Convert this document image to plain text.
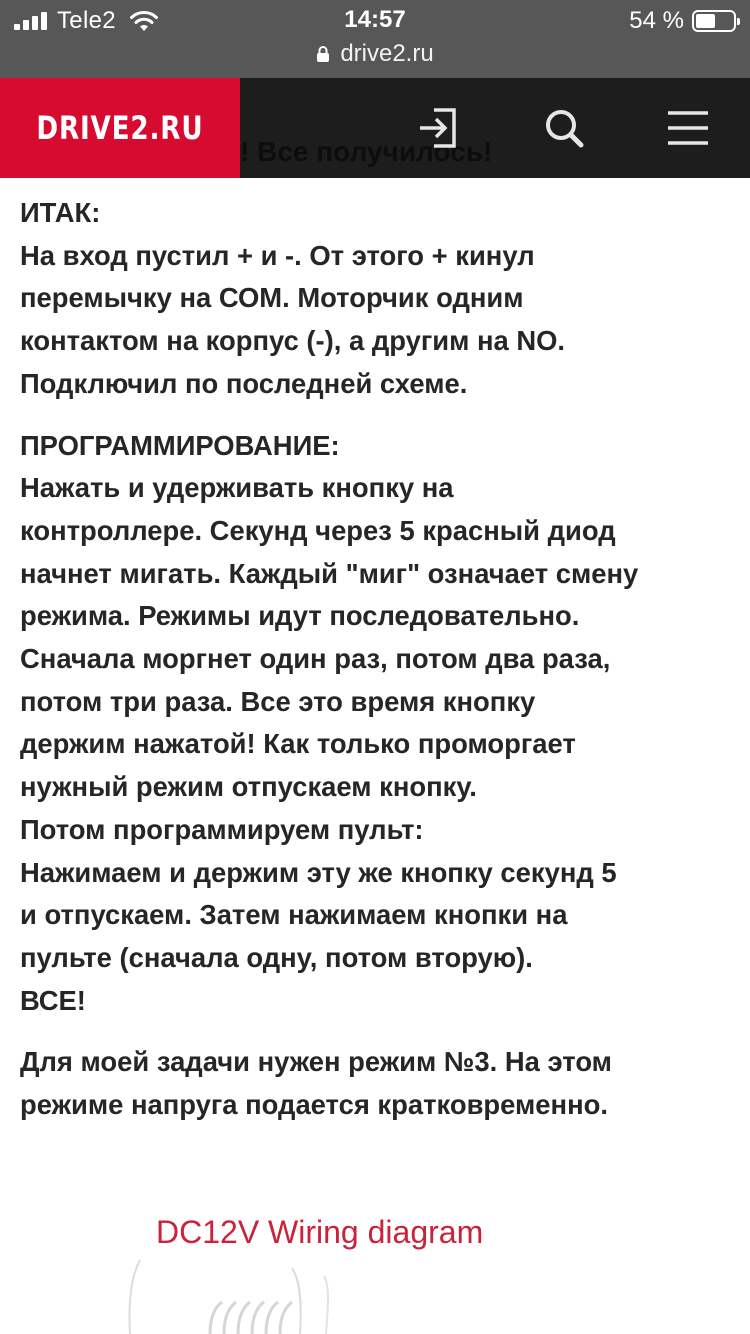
Tele2	14:57	54 %
drive2.ru
! Все получилось!
DRIVE2.RU
ИТАК:
На вход пустил + и -. От этого + кинул
перемычку на СОМ. Моторчик одним
контактом на корпус (-), а другим на NO.
Подключил по последней схеме.
ПРОГРАММИРОВАНИЕ:
Нажать и удерживать кнопку на
контроллере. Секунд через 5 красный диод
начнет мигать. Каждый "миг" означает смену
режима. Режимы идут последовательно.
Сначала моргнет один раз, потом два раза,
потом три раза. Все это время кнопку
держим нажатой! Как только проморгает
нужный режим отпускаем кнопку.
Потом программируем пульт:
Нажимаем и держим эту же кнопку секунд 5
и отпускаем. Затем нажимаем кнопки на
пульте (сначала одну, потом вторую).
ВСЕ!
Для моей задачи нужен режим №3. На этом
режиме напруга подается кратковременно.
DC12V Wiring diagram
